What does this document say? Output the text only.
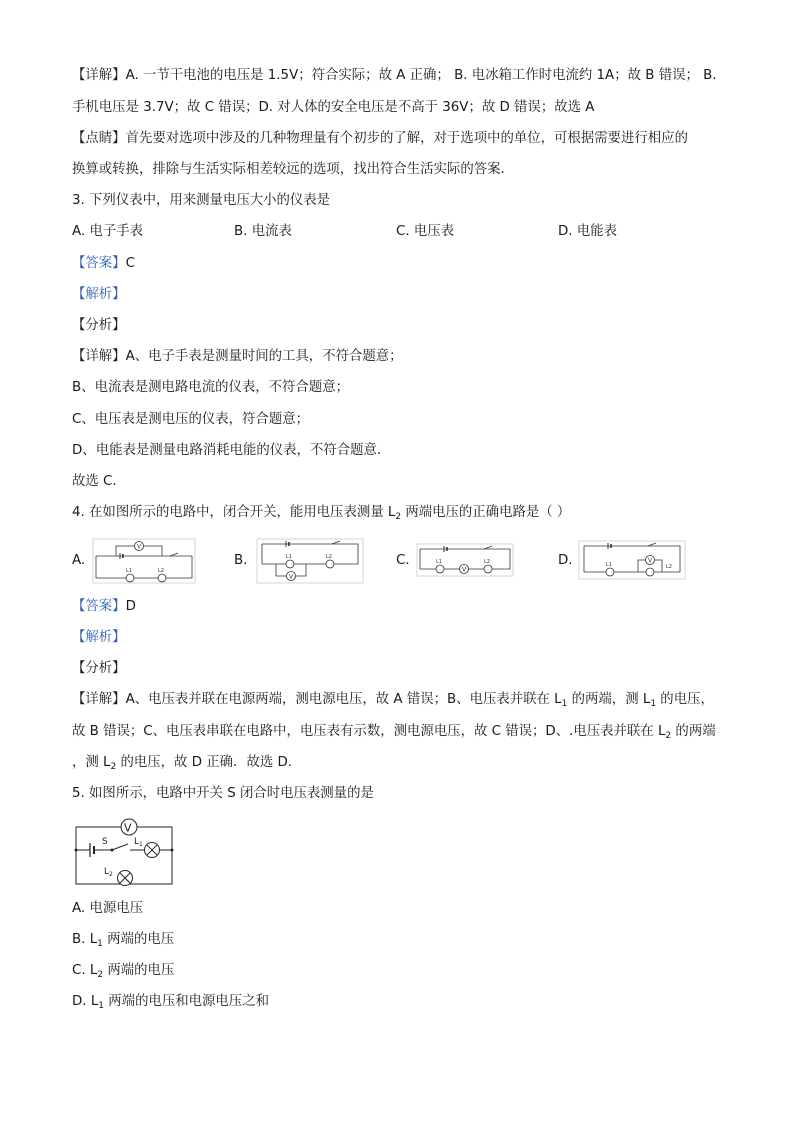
【详解】A. 一节干电池的电压是 1.5V；符合实际；故 A 正确； B. 电冰箱工作时电流约 1A；故 B 错误； B.
手机电压是 3.7V；故 C 错误；D. 对人体的安全电压是不高于 36V；故 D 错误；故选 A
【点睛】首先要对选项中涉及的几种物理量有个初步的了解，对于选项中的单位，可根据需要进行相应的
换算或转换，排除与生活实际相差较远的选项，找出符合生活实际的答案．
3. 下列仪表中，用来测量电压大小的仪表是
A. 电子手表	B. 电流表	C. 电压表	D. 电能表
【答案】C
【解析】
【分析】
【详解】A、电子手表是测量时间的工具，不符合题意；
B、电流表是测电路电流的仪表，不符合题意；
C、电压表是测电压的仪表，符合题意；
D、电能表是测量电路消耗电能的仪表，不符合题意．
故选 C．
4. 在如图所示的电路中，闭合开关，能用电压表测量 $L_2$ 两端电压的正确电路是（ ）
A.	B.	C.	D.
V
L1	L2
V
L1	L2
V
L1	L2	V
L1	L2
【答案】D
【解析】
【分析】
【详解】A、电压表并联在电源两端，测电源电压，故 A 错误；B、电压表并联在 $L_1$ 的两端，测 $L_1$ 的电压，
故 B 错误；C、电压表串联在电路中，电压表有示数，测电源电压，故 C 错误；D、.电压表并联在 $L_2$ 的两端
，测 $L_2$ 的电压，故 D 正确．故选 D.
5. 如图所示，电路中开关 S 闭合时电压表测量的是
V
S	$L_1$
$L_2$
A. 电源电压
B. $L_1$ 两端的电压
C. $L_2$ 两端的电压
D. $L_1$ 两端的电压和电源电压之和
